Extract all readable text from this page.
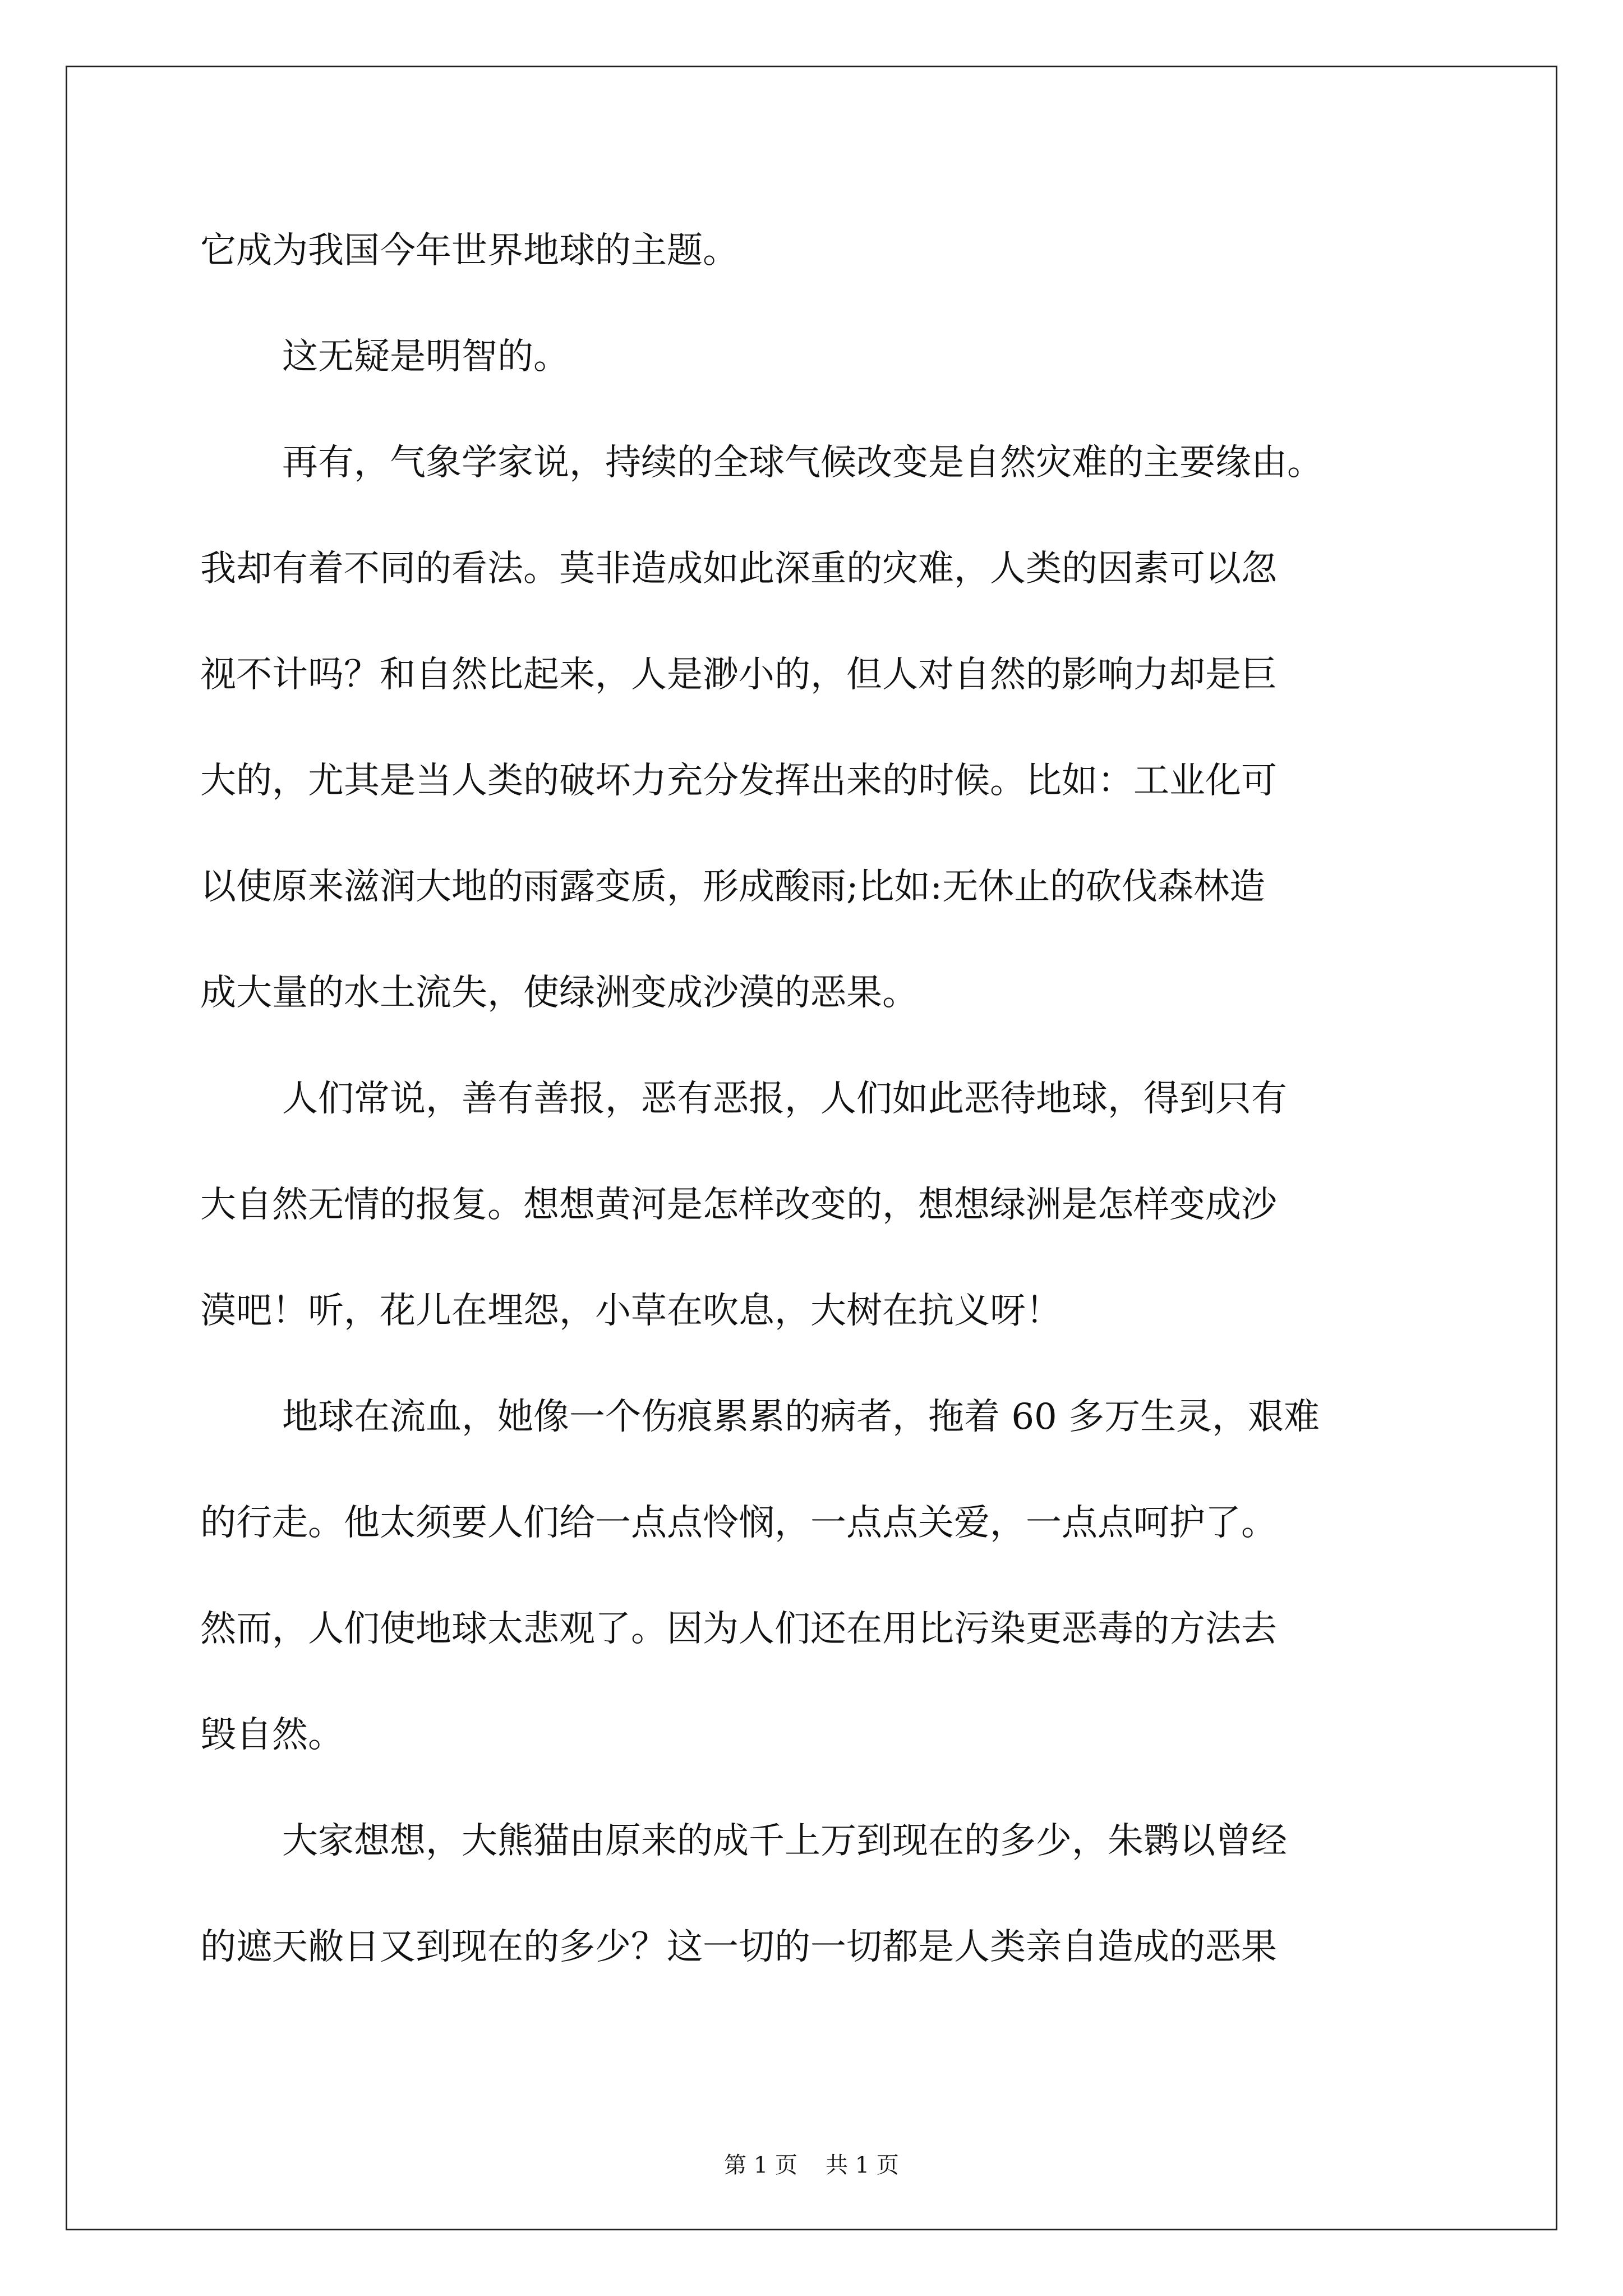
它成为我国今年世界地球的主题。
这无疑是明智的。
再有，气象学家说，持续的全球气候改变是自然灾难的主要缘由。
我却有着不同的看法。莫非造成如此深重的灾难，人类的因素可以忽
视不计吗？和自然比起来，人是渺小的，但人对自然的影响力却是巨
大的，尤其是当人类的破坏力充分发挥出来的时候。比如：工业化可
以使原来滋润大地的雨露变质，形成酸雨;比如:无休止的砍伐森林造
成大量的水土流失，使绿洲变成沙漠的恶果。
人们常说，善有善报，恶有恶报，人们如此恶待地球，得到只有
大自然无情的报复。想想黄河是怎样改变的，想想绿洲是怎样变成沙
漠吧！听，花儿在埋怨，小草在吹息，大树在抗义呀！
地球在流血，她像一个伤痕累累的病者，拖着 60 多万生灵，艰难
的行走。他太须要人们给一点点怜悯，一点点关爱，一点点呵护了。
然而，人们使地球太悲观了。因为人们还在用比污染更恶毒的方法去
毁自然。
大家想想，大熊猫由原来的成千上万到现在的多少，朱鹮以曾经
的遮天敝日又到现在的多少？这一切的一切都是人类亲自造成的恶果
第 1 页 共 1 页
